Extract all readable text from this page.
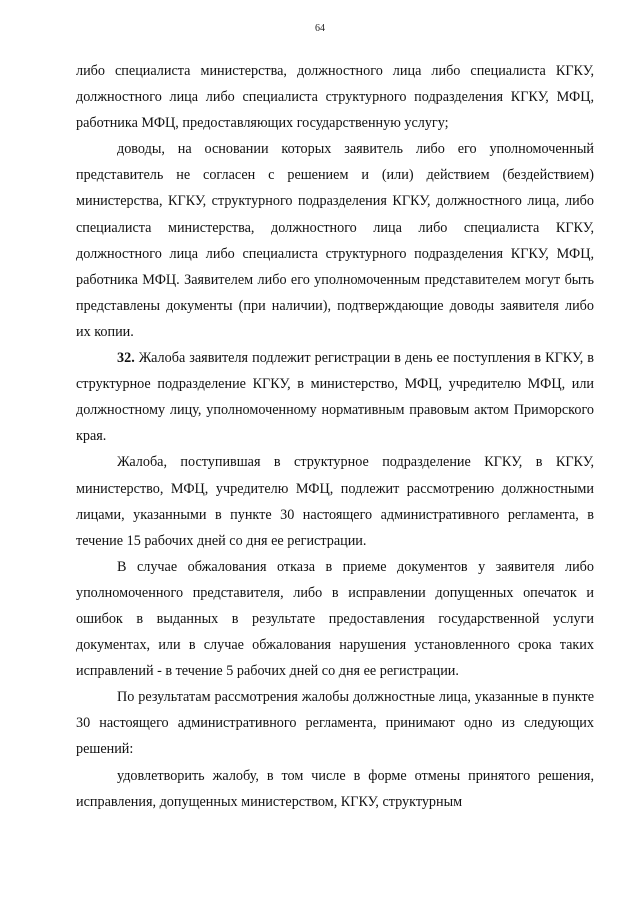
64

либо специалиста министерства, должностного лица либо специалиста КГКУ, должностного лица либо специалиста структурного подразделения КГКУ, МФЦ, работника МФЦ, предоставляющих государственную услугу;

доводы, на основании которых заявитель либо его уполномоченный представитель не согласен с решением и (или) действием (бездействием) министерства, КГКУ, структурного подразделения КГКУ, должностного лица, либо специалиста министерства, должностного лица либо специалиста КГКУ, должностного лица либо специалиста структурного подразделения КГКУ, МФЦ, работника МФЦ. Заявителем либо его уполномоченным представителем могут быть представлены документы (при наличии), подтверждающие доводы заявителя либо их копии.

32. Жалоба заявителя подлежит регистрации в день ее поступления в КГКУ, в структурное подразделение КГКУ, в министерство, МФЦ, учредителю МФЦ, или должностному лицу, уполномоченному нормативным правовым актом Приморского края.

Жалоба, поступившая в структурное подразделение КГКУ, в КГКУ, министерство, МФЦ, учредителю МФЦ, подлежит рассмотрению должностными лицами, указанными в пункте 30 настоящего административного регламента, в течение 15 рабочих дней со дня ее регистрации.

В случае обжалования отказа в приеме документов у заявителя либо уполномоченного представителя, либо в исправлении допущенных опечаток и ошибок в выданных в результате предоставления государственной услуги документах, или в случае обжалования нарушения установленного срока таких исправлений - в течение 5 рабочих дней со дня ее регистрации.

По результатам рассмотрения жалобы должностные лица, указанные в пункте 30 настоящего административного регламента, принимают одно из следующих решений:

удовлетворить жалобу, в том числе в форме отмены принятого решения, исправления, допущенных министерством, КГКУ, структурным
